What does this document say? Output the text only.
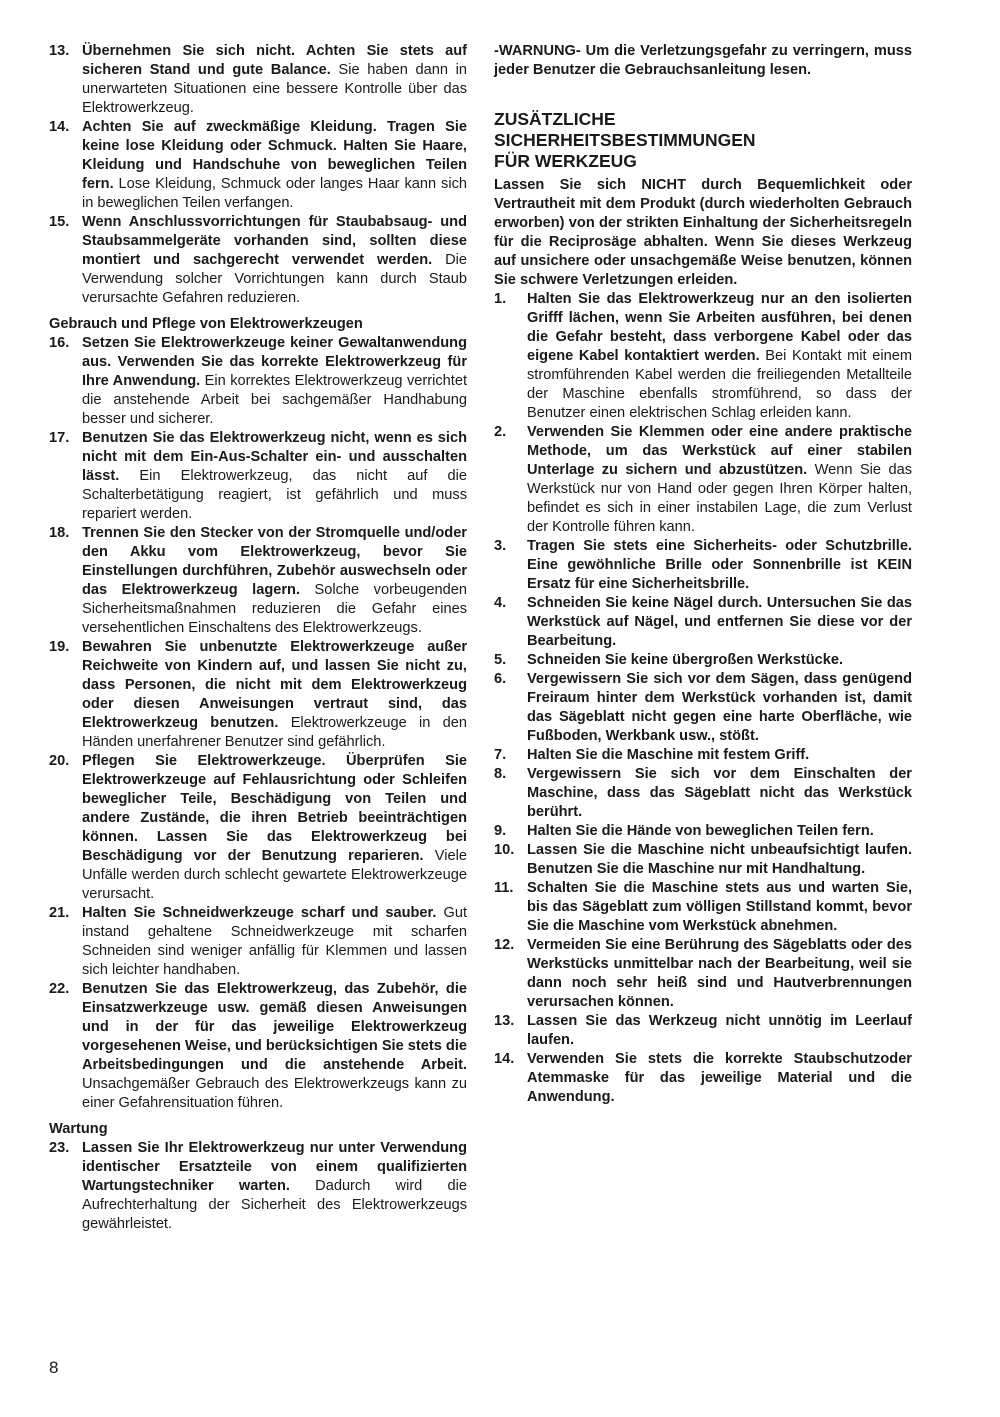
13. Übernehmen Sie sich nicht. Achten Sie stets auf sicheren Stand und gute Balance. Sie haben dann in unerwarteten Situationen eine bessere Kontrolle über das Elektrowerkzeug.
14. Achten Sie auf zweckmäßige Kleidung. Tragen Sie keine lose Kleidung oder Schmuck. Halten Sie Haare, Kleidung und Handschuhe von beweglichen Teilen fern. Lose Kleidung, Schmuck oder langes Haar kann sich in beweglichen Teilen verfangen.
15. Wenn Anschlussvorrichtungen für Staubabsaug- und Staubsammelgeräte vorhanden sind, sollten diese montiert und sachgerecht verwendet werden. Die Verwendung solcher Vorrichtungen kann durch Staub verursachte Gefahren reduzieren.
Gebrauch und Pflege von Elektrowerkzeugen
16. Setzen Sie Elektrowerkzeuge keiner Gewaltanwendung aus. Verwenden Sie das korrekte Elektrowerkzeug für Ihre Anwendung. Ein korrektes Elektrowerkzeug verrichtet die anstehende Arbeit bei sachgemäßer Handhabung besser und sicherer.
17. Benutzen Sie das Elektrowerkzeug nicht, wenn es sich nicht mit dem Ein-Aus-Schalter ein- und ausschalten lässt. Ein Elektrowerkzeug, das nicht auf die Schalterbetätigung reagiert, ist gefährlich und muss repariert werden.
18. Trennen Sie den Stecker von der Stromquelle und/oder den Akku vom Elektrowerkzeug, bevor Sie Einstellungen durchführen, Zubehör auswechseln oder das Elektrowerkzeug lagern. Solche vorbeugenden Sicherheitsmaßnahmen reduzieren die Gefahr eines versehentlichen Einschaltens des Elektrowerkzeugs.
19. Bewahren Sie unbenutzte Elektrowerkzeuge außer Reichweite von Kindern auf, und lassen Sie nicht zu, dass Personen, die nicht mit dem Elektrowerkzeug oder diesen Anweisungen vertraut sind, das Elektrowerkzeug benutzen. Elektrowerkzeuge in den Händen unerfahrener Benutzer sind gefährlich.
20. Pflegen Sie Elektrowerkzeuge. Überprüfen Sie Elektrowerkzeuge auf Fehlausrichtung oder Schleifen beweglicher Teile, Beschädigung von Teilen und andere Zustände, die ihren Betrieb beeinträchtigen können. Lassen Sie das Elektrowerkzeug bei Beschädigung vor der Benutzung reparieren. Viele Unfälle werden durch schlecht gewartete Elektrowerkzeuge verursacht.
21. Halten Sie Schneidwerkzeuge scharf und sauber. Gut instand gehaltene Schneidwerkzeuge mit scharfen Schneiden sind weniger anfällig für Klemmen und lassen sich leichter handhaben.
22. Benutzen Sie das Elektrowerkzeug, das Zubehör, die Einsatzwerkzeuge usw. gemäß diesen Anweisungen und in der für das jeweilige Elektrowerkzeug vorgesehenen Weise, und berücksichtigen Sie stets die Arbeitsbedingungen und die anstehende Arbeit. Unsachgemäßer Gebrauch des Elektrowerkzeugs kann zu einer Gefahrensituation führen.
Wartung
23. Lassen Sie Ihr Elektrowerkzeug nur unter Verwendung identischer Ersatzteile von einem qualifizierten Wartungstechniker warten. Dadurch wird die Aufrechterhaltung der Sicherheit des Elektrowerkzeugs gewährleistet.

-WARNUNG- Um die Verletzungsgefahr zu verringern, muss jeder Benutzer die Gebrauchsanleitung lesen.

ZUSÄTZLICHE
SICHERHEITSBESTIMMUNGEN
FÜR WERKZEUG

Lassen Sie sich NICHT durch Bequemlichkeit oder Vertrautheit mit dem Produkt (durch wiederholten Gebrauch erworben) von der strikten Einhaltung der Sicherheitsregeln für die Reciprosäge abhalten. Wenn Sie dieses Werkzeug auf unsichere oder unsachgemäße Weise benutzen, können Sie schwere Verletzungen erleiden.

1.	Halten Sie das Elektrowerkzeug nur an den isolierten Grifff lächen, wenn Sie Arbeiten ausführen, bei denen die Gefahr besteht, dass verborgene Kabel oder das eigene Kabel kontaktiert werden. Bei Kontakt mit einem stromführenden Kabel werden die freiliegenden Metallteile der Maschine ebenfalls stromführend, so dass der Benutzer einen elektrischen Schlag erleiden kann.
2.	Verwenden Sie Klemmen oder eine andere praktische Methode, um das Werkstück auf einer stabilen Unterlage zu sichern und abzustützen. Wenn Sie das Werkstück nur von Hand oder gegen Ihren Körper halten, befindet es sich in einer instabilen Lage, die zum Verlust der Kontrolle führen kann.
3.	Tragen Sie stets eine Sicherheits- oder Schutzbrille. Eine gewöhnliche Brille oder Sonnenbrille ist KEIN Ersatz für eine Sicherheitsbrille.
4.	Schneiden Sie keine Nägel durch. Untersuchen Sie das Werkstück auf Nägel, und entfernen Sie diese vor der Bearbeitung.
5.	Schneiden Sie keine übergroßen Werkstücke.
6.	Vergewissern Sie sich vor dem Sägen, dass genügend Freiraum hinter dem Werkstück vorhanden ist, damit das Sägeblatt nicht gegen eine harte Oberfläche, wie Fußboden, Werkbank usw., stößt.
7.	Halten Sie die Maschine mit festem Griff.
8.	Vergewissern Sie sich vor dem Einschalten der Maschine, dass das Sägeblatt nicht das Werkstück berührt.
9.	Halten Sie die Hände von beweglichen Teilen fern.
10. Lassen Sie die Maschine nicht unbeaufsichtigt laufen. Benutzen Sie die Maschine nur mit Handhaltung.
11. Schalten Sie die Maschine stets aus und warten Sie, bis das Sägeblatt zum völligen Stillstand kommt, bevor Sie die Maschine vom Werkstück abnehmen.
12. Vermeiden Sie eine Berührung des Sägeblatts oder des Werkstücks unmittelbar nach der Bearbeitung, weil sie dann noch sehr heiß sind und Hautverbrennungen verursachen können.
13. Lassen Sie das Werkzeug nicht unnötig im Leerlauf laufen.
14. Verwenden Sie stets die korrekte Staubschutzoder Atemmaske für das jeweilige Material und die Anwendung.
8
